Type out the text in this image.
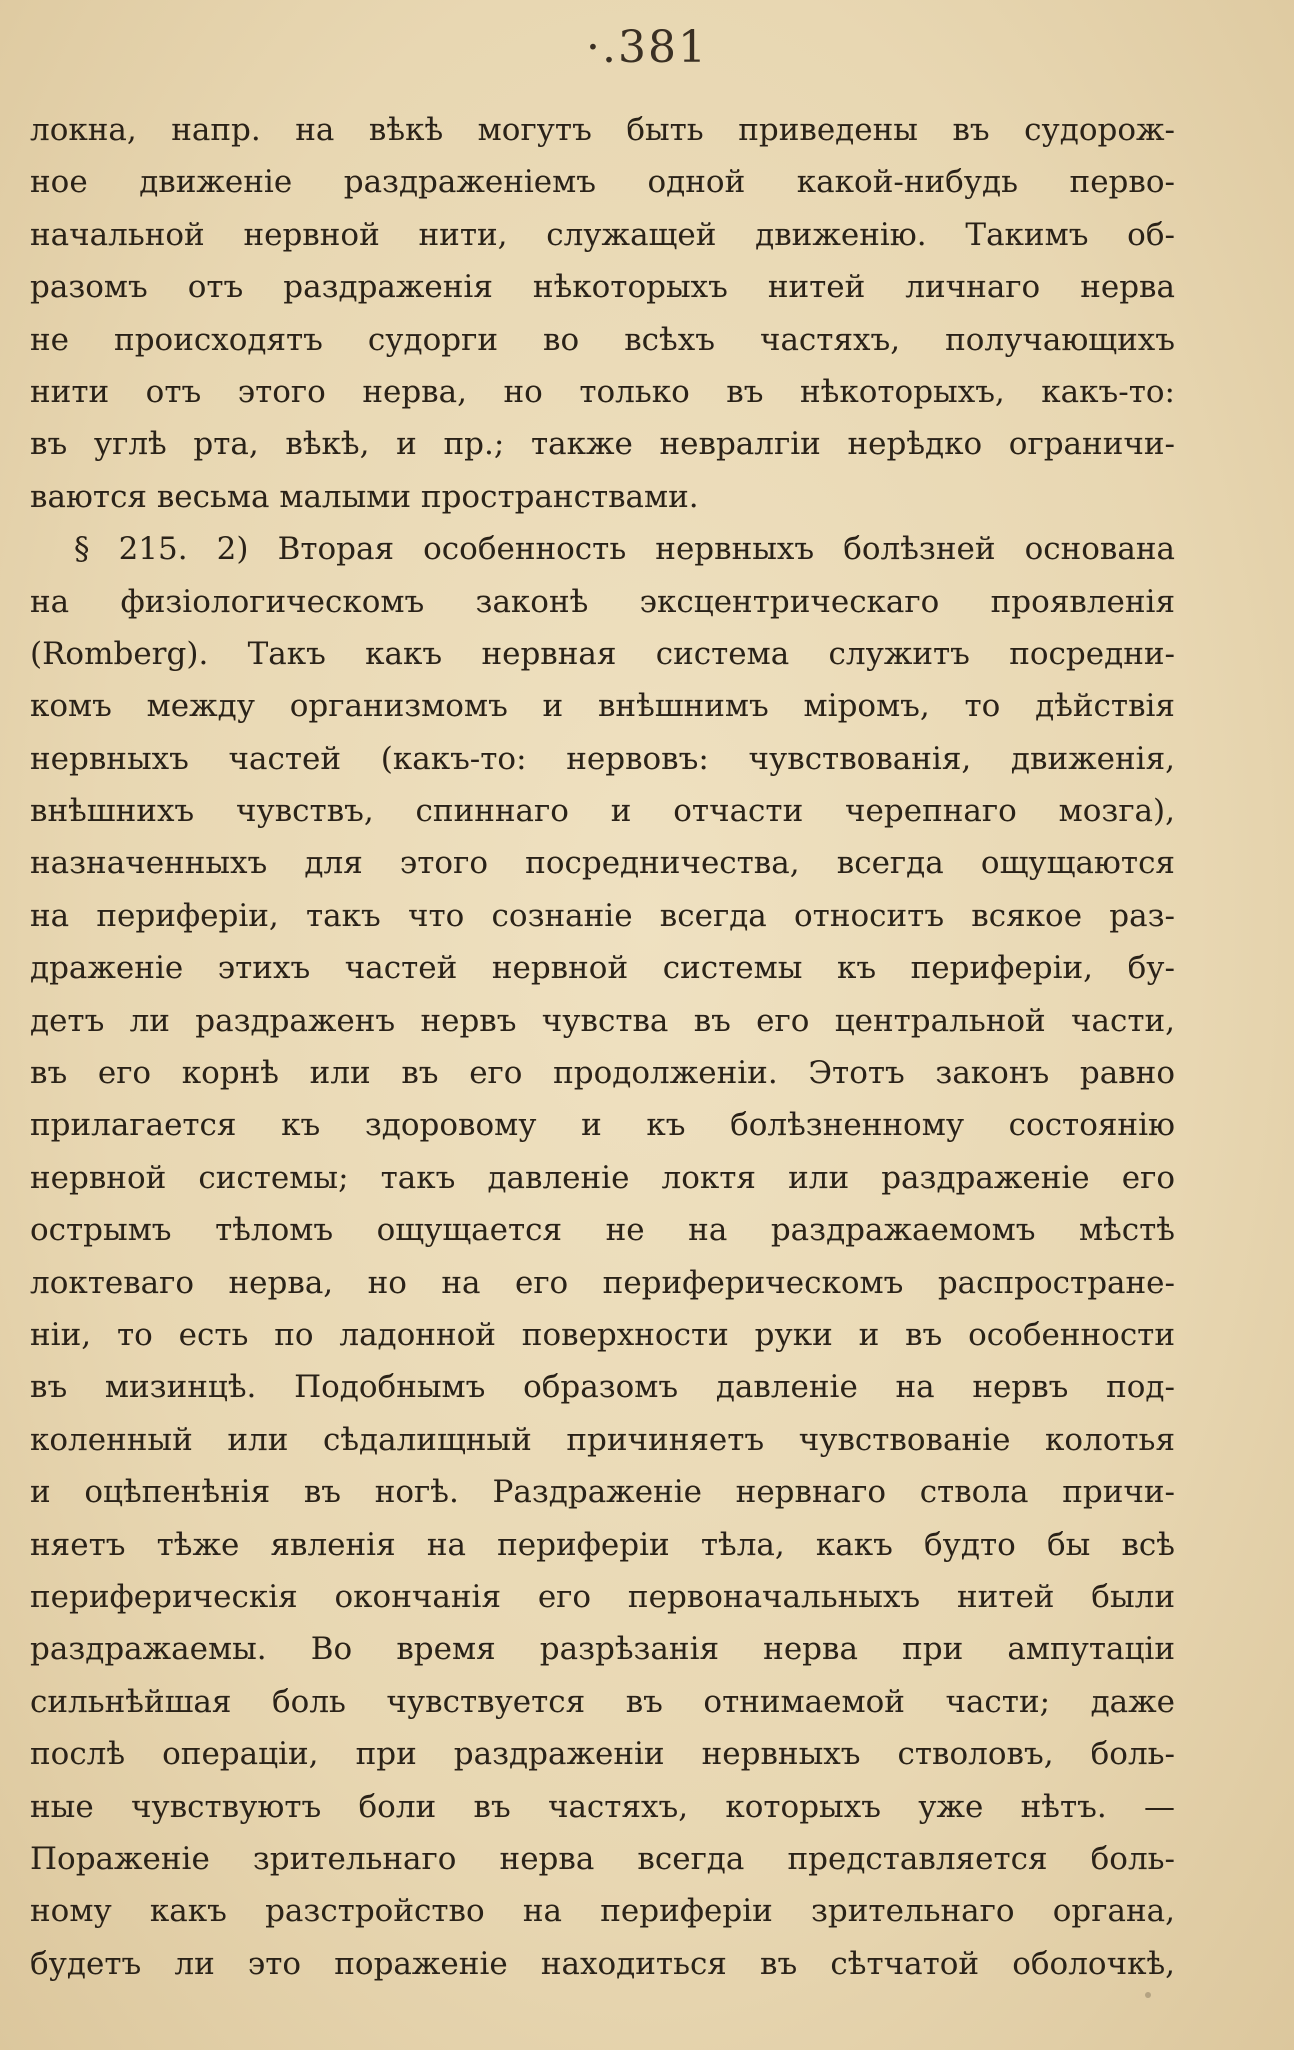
·.381
локна, напр. на вѣкѣ могутъ быть приведены въ судорож-
ное движеніе раздраженіемъ одной какой-нибудь перво-
начальной нервной нити, служащей движенію. Такимъ об-
разомъ отъ раздраженія нѣкоторыхъ нитей личнаго нерва
не происходятъ судорги во всѣхъ частяхъ, получающихъ
нити отъ этого нерва, но только въ нѣкоторыхъ, какъ-то:
въ углѣ рта, вѣкѣ, и пр.; также невралгіи нерѣдко ограничи-
ваются весьма малыми пространствами.
§ 215. 2) Вторая особенность нервныхъ болѣзней основана
на физіологическомъ законѣ эксцентрическаго проявленія
(Romberg). Такъ какъ нервная система служитъ посредни-
комъ между организмомъ и внѣшнимъ міромъ, то дѣйствія
нервныхъ частей (какъ-то: нервовъ: чувствованія, движенія,
внѣшнихъ чувствъ, спиннаго и отчасти черепнаго мозга),
назначенныхъ для этого посредничества, всегда ощущаются
на периферіи, такъ что сознаніе всегда относитъ всякое раз-
драженіе этихъ частей нервной системы къ периферіи, бу-
детъ ли раздраженъ нервъ чувства въ его центральной части,
въ его корнѣ или въ его продолженіи. Этотъ законъ равно
прилагается къ здоровому и къ болѣзненному состоянію
нервной системы; такъ давленіе локтя или раздраженіе его
острымъ тѣломъ ощущается не на раздражаемомъ мѣстѣ
локтеваго нерва, но на его периферическомъ распростране-
ніи, то есть по ладонной поверхности руки и въ особенности
въ мизинцѣ. Подобнымъ образомъ давленіе на нервъ под-
коленный или сѣдалищный причиняетъ чувствованіе колотья
и оцѣпенѣнія въ ногѣ. Раздраженіе нервнаго ствола причи-
няетъ тѣже явленія на периферіи тѣла, какъ будто бы всѣ
периферическія окончанія его первоначальныхъ нитей были
раздражаемы. Во время разрѣзанія нерва при ампутаціи
сильнѣйшая боль чувствуется въ отнимаемой части; даже
послѣ операціи, при раздраженіи нервныхъ стволовъ, боль-
ные чувствуютъ боли въ частяхъ, которыхъ уже нѣтъ. —
Пораженіе зрительнаго нерва всегда представляется боль-
ному какъ разстройство на периферіи зрительнаго органа,
будетъ ли это пораженіе находиться въ сѣтчатой оболочкѣ,
